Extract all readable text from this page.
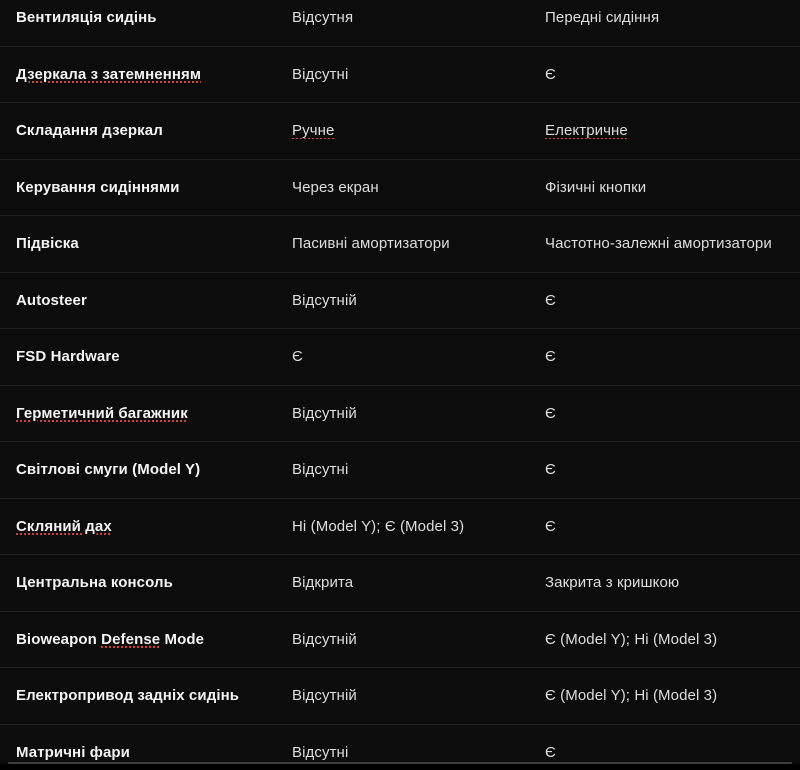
Вентиляція сидінь	Відсутня	Передні сидіння
Дзеркала з затемненням	Відсутні	Є
Складання дзеркал	Ручне	Електричне
Керування сидіннями	Через екран	Фізичні кнопки
Підвіска	Пасивні амортизатори	Частотно-залежні амортизатори
Autosteer	Відсутній	Є
FSD Hardware	Є	Є
Герметичний багажник	Відсутній	Є
Світлові смуги (Model Y)	Відсутні	Є
Скляний дах	Ні (Model Y); Є (Model 3)	Є
Центральна консоль	Відкрита	Закрита з кришкою
Bioweapon Defense Mode	Відсутній	Є (Model Y); Ні (Model 3)
Електропривод задніх сидінь	Відсутній	Є (Model Y); Ні (Model 3)
Матричні фари	Відсутні	Є
